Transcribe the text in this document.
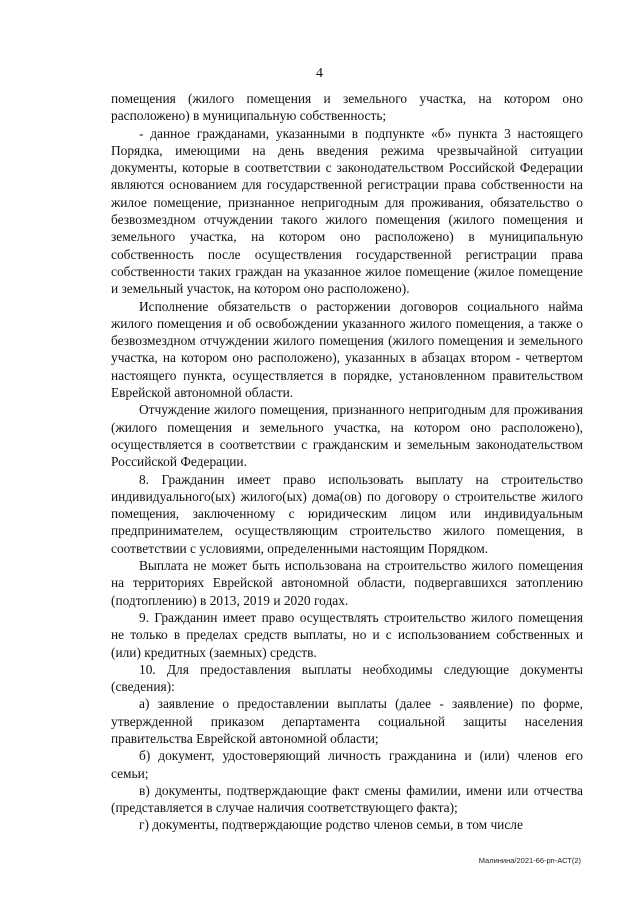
4

помещения (жилого помещения и земельного участка, на котором оно расположено) в муниципальную собственность;

- данное гражданами, указанными в подпункте «б» пункта 3 настоящего Порядка, имеющими на день введения режима чрезвычайной ситуации документы, которые в соответствии с законодательством Российской Федерации являются основанием для государственной регистрации права собственности на жилое помещение, признанное непригодным для проживания, обязательство о безвозмездном отчуждении такого жилого помещения (жилого помещения и земельного участка, на котором оно расположено) в муниципальную собственность после осуществления государственной регистрации права собственности таких граждан на указанное жилое помещение (жилое помещение и земельный участок, на котором оно расположено).

Исполнение обязательств о расторжении договоров социального найма жилого помещения и об освобождении указанного жилого помещения, а также о безвозмездном отчуждении жилого помещения (жилого помещения и земельного участка, на котором оно расположено), указанных в абзацах втором - четвертом настоящего пункта, осуществляется в порядке, установленном правительством Еврейской автономной области.

Отчуждение жилого помещения, признанного непригодным для проживания (жилого помещения и земельного участка, на котором оно расположено), осуществляется в соответствии с гражданским и земельным законодательством Российской Федерации.

8. Гражданин имеет право использовать выплату на строительство индивидуального(ых) жилого(ых) дома(ов) по договору о строительстве жилого помещения, заключенному с юридическим лицом или индивидуальным предпринимателем, осуществляющим строительство жилого помещения, в соответствии с условиями, определенными настоящим Порядком.

Выплата не может быть использована на строительство жилого помещения на территориях Еврейской автономной области, подвергавшихся затоплению (подтоплению) в 2013, 2019 и 2020 годах.

9. Гражданин имеет право осуществлять строительство жилого помещения не только в пределах средств выплаты, но и с использованием собственных и (или) кредитных (заемных) средств.

10. Для предоставления выплаты необходимы следующие документы (сведения):

а) заявление о предоставлении выплаты (далее - заявление) по форме, утвержденной приказом департамента социальной защиты населения правительства Еврейской автономной области;

б) документ, удостоверяющий личность гражданина и (или) членов его семьи;

в) документы, подтверждающие факт смены фамилии, имени или отчества (представляется в случае наличия соответствующего факта);

г) документы, подтверждающие родство членов семьи, в том числе

Малинина/2021-66-рп-АСТ(2)
